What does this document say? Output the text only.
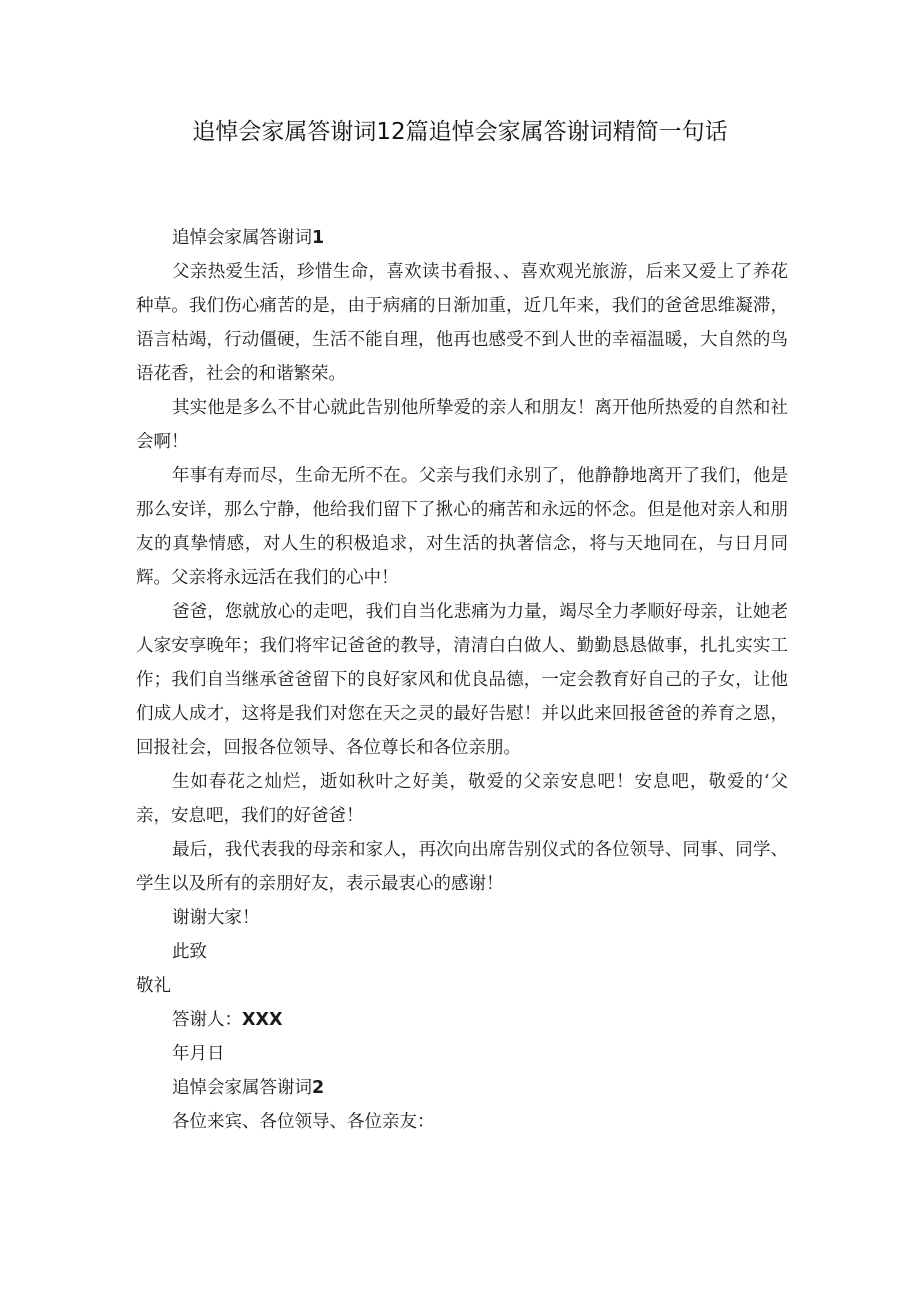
追悼会家属答谢词12篇追悼会家属答谢词精简一句话

追悼会家属答谢词1

父亲热爱生活，珍惜生命，喜欢读书看报、、喜欢观光旅游，后来又爱上了养花种草。我们伤心痛苦的是，由于病痛的日渐加重，近几年来，我们的爸爸思维凝滞，语言枯竭，行动僵硬，生活不能自理，他再也感受不到人世的幸福温暖，大自然的鸟语花香，社会的和谐繁荣。

其实他是多么不甘心就此告别他所挚爱的亲人和朋友！离开他所热爱的自然和社会啊！

年事有寿而尽，生命无所不在。父亲与我们永别了，他静静地离开了我们，他是那么安详，那么宁静，他给我们留下了揪心的痛苦和永远的怀念。但是他对亲人和朋友的真挚情感，对人生的积极追求，对生活的执著信念，将与天地同在，与日月同辉。父亲将永远活在我们的心中！

爸爸，您就放心的走吧，我们自当化悲痛为力量，竭尽全力孝顺好母亲，让她老人家安享晚年；我们将牢记爸爸的教导，清清白白做人、勤勤恳恳做事，扎扎实实工作；我们自当继承爸爸留下的良好家风和优良品德，一定会教育好自己的子女，让他们成人成才，这将是我们对您在天之灵的最好告慰！并以此来回报爸爸的养育之恩，回报社会，回报各位领导、各位尊长和各位亲朋。

生如春花之灿烂，逝如秋叶之好美，敬爱的父亲安息吧！安息吧，敬爱的‘父亲，安息吧，我们的好爸爸！

最后，我代表我的母亲和家人，再次向出席告别仪式的各位领导、同事、同学、学生以及所有的亲朋好友，表示最衷心的感谢！

谢谢大家！

此致

敬礼

答谢人：XXX

年月日

追悼会家属答谢词2

各位来宾、各位领导、各位亲友：
